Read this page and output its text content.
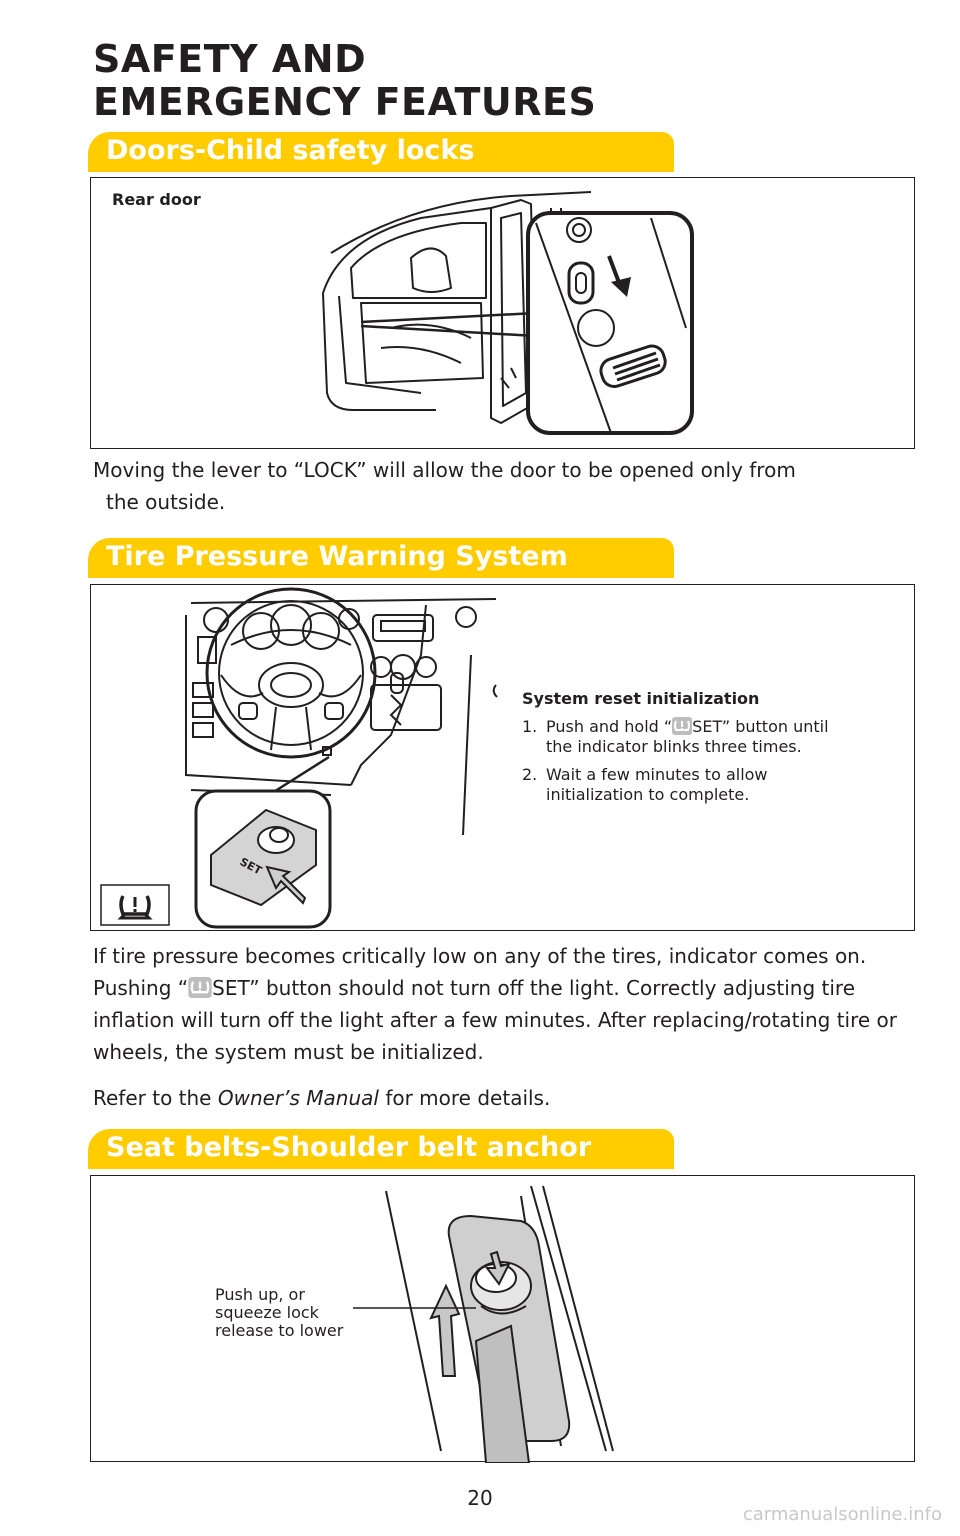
SAFETY AND
EMERGENCY FEATURES
Doors-Child safety locks
Rear door
Moving the lever to “LOCK” will allow the door to be opened only from
the outside.
Tire Pressure Warning System
SET
System reset initialization
1. Push and hold “ SET” button until the indicator blinks three times.
2. Wait a few minutes to allow initialization to complete.
If tire pressure becomes critically low on any of the tires, indicator comes on. Pushing “ SET” button should not turn off the light. Correctly adjusting tire inflation will turn off the light after a few minutes. After replacing/rotating tire or wheels, the system must be initialized.
Refer to the Owner’s Manual for more details.
Seat belts-Shoulder belt anchor
Push up, or
squeeze lock
release to lower
20
carmanualsonline.info
